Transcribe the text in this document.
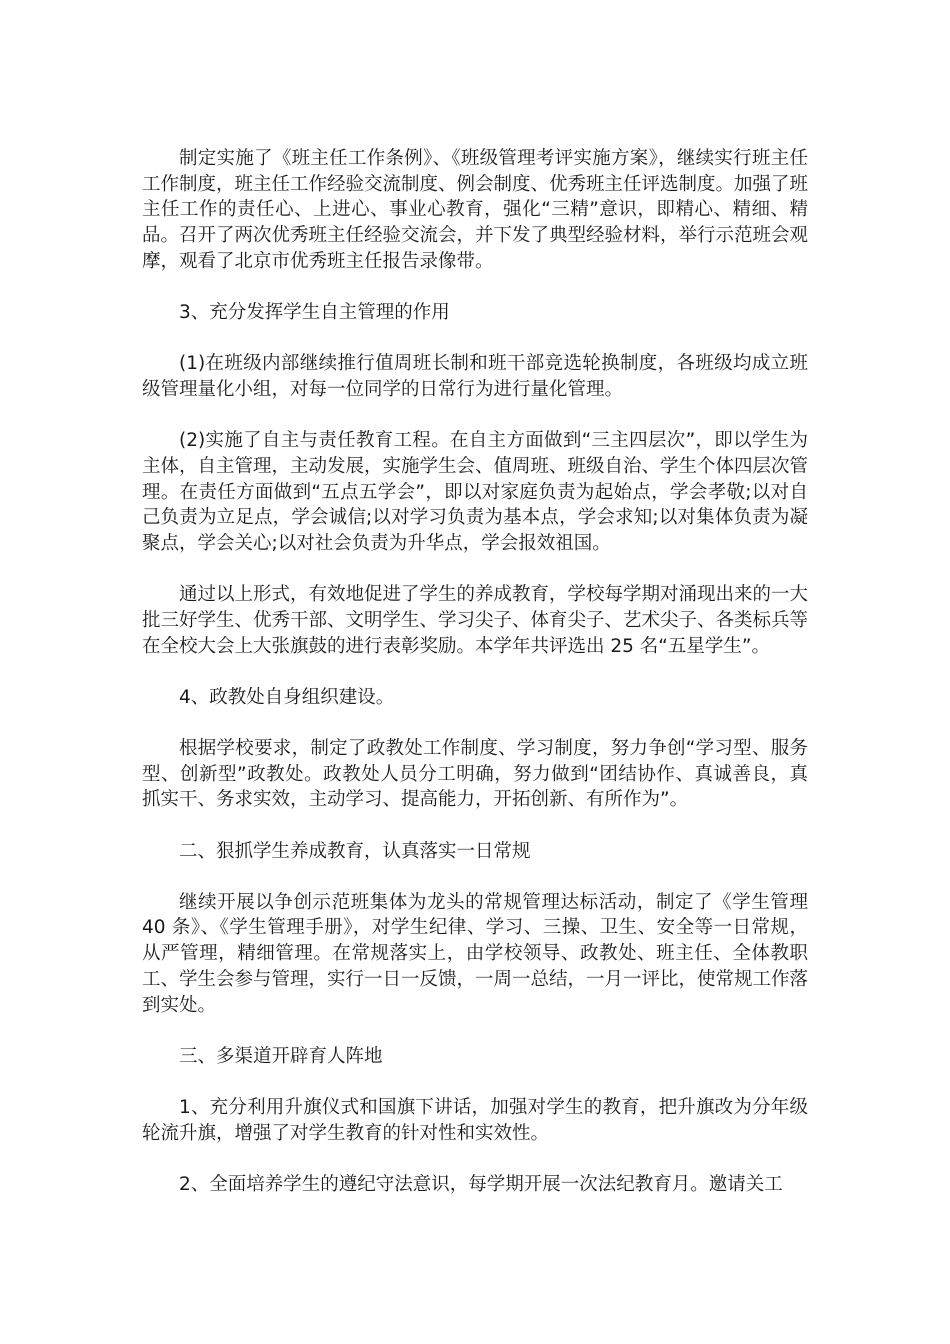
制定实施了《班主任工作条例》、《班级管理考评实施方案》，继续实行班主任工作制度，班主任工作经验交流制度、例会制度、优秀班主任评选制度。加强了班主任工作的责任心、上进心、事业心教育，强化“三精”意识，即精心、精细、精品。召开了两次优秀班主任经验交流会，并下发了典型经验材料，举行示范班会观摩，观看了北京市优秀班主任报告录像带。

3、充分发挥学生自主管理的作用

(1)在班级内部继续推行值周班长制和班干部竞选轮换制度，各班级均成立班级管理量化小组，对每一位同学的日常行为进行量化管理。

(2)实施了自主与责任教育工程。在自主方面做到“三主四层次”，即以学生为主体，自主管理，主动发展，实施学生会、值周班、班级自治、学生个体四层次管理。在责任方面做到“五点五学会”，即以对家庭负责为起始点，学会孝敬;以对自己负责为立足点，学会诚信;以对学习负责为基本点，学会求知;以对集体负责为凝聚点，学会关心;以对社会负责为升华点，学会报效祖国。

通过以上形式，有效地促进了学生的养成教育，学校每学期对涌现出来的一大批三好学生、优秀干部、文明学生、学习尖子、体育尖子、艺术尖子、各类标兵等在全校大会上大张旗鼓的进行表彰奖励。本学年共评选出 25 名“五星学生”。

4、政教处自身组织建设。

根据学校要求，制定了政教处工作制度、学习制度，努力争创“学习型、服务型、创新型”政教处。政教处人员分工明确，努力做到“团结协作、真诚善良，真抓实干、务求实效，主动学习、提高能力，开拓创新、有所作为”。

二、狠抓学生养成教育，认真落实一日常规

继续开展以争创示范班集体为龙头的常规管理达标活动，制定了《学生管理 40 条》、《学生管理手册》，对学生纪律、学习、三操、卫生、安全等一日常规，从严管理，精细管理。在常规落实上，由学校领导、政教处、班主任、全体教职工、学生会参与管理，实行一日一反馈，一周一总结，一月一评比，使常规工作落到实处。

三、多渠道开辟育人阵地

1、充分利用升旗仪式和国旗下讲话，加强对学生的教育，把升旗改为分年级轮流升旗，增强了对学生教育的针对性和实效性。

2、全面培养学生的遵纪守法意识，每学期开展一次法纪教育月。邀请关工
